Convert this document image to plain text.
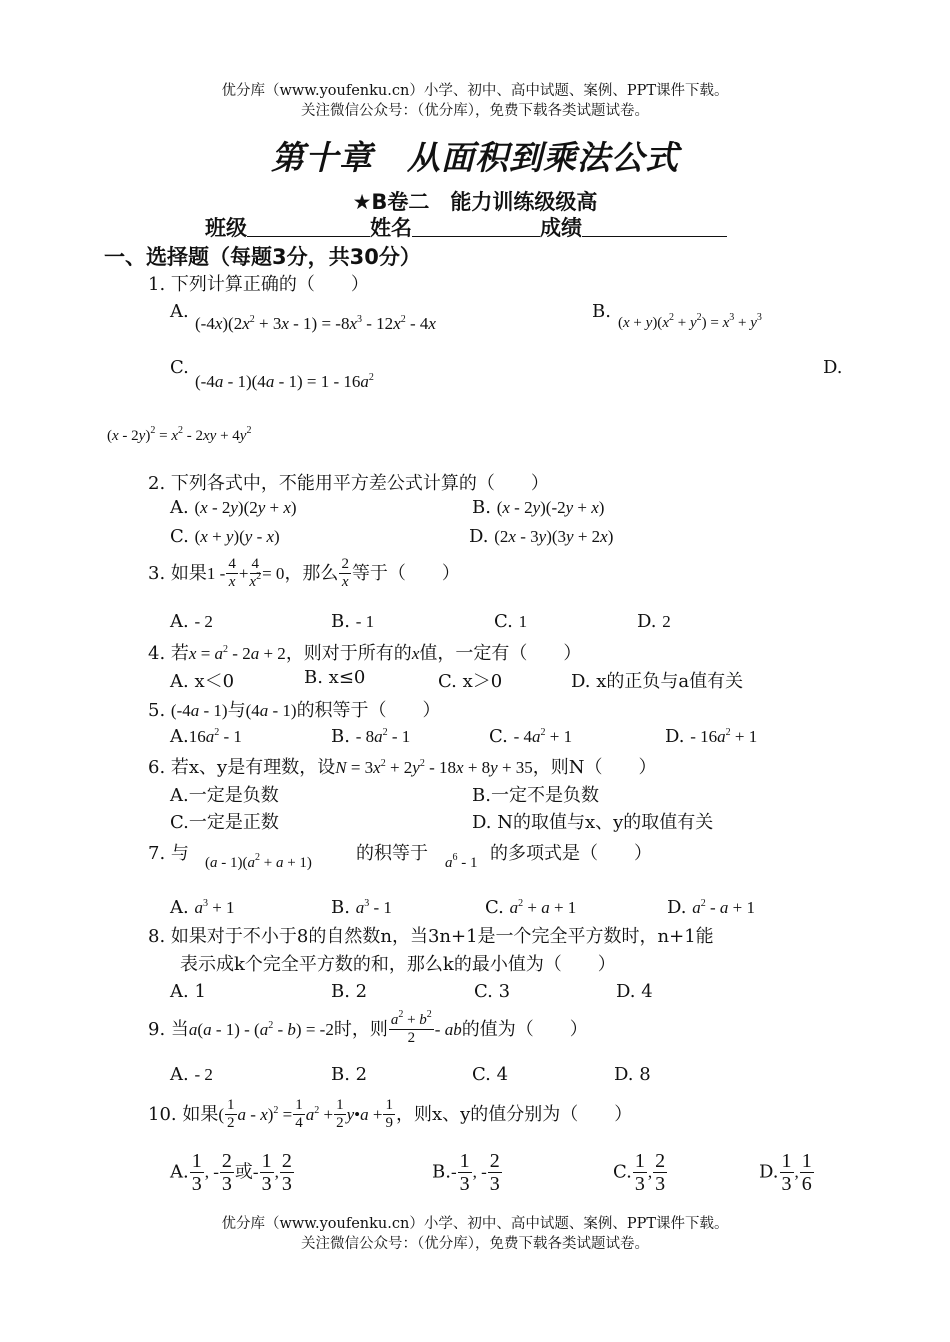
优分库（www.youfenku.cn）小学、初中、高中试题、案例、PPT课件下载。
关注微信公众号：（优分库），免费下载各类试题试卷。
第十章　从面积到乘法公式
★B卷二　能力训练级级高
班级	姓名	成绩
一、选择题（每题3分，共30分）
1. 下列计算正确的（　　）
A.
$(-4x)(2x^2 + 3x - 1) = -8x^3 - 12x^2 - 4x$
B.
$(x + y)(x^2 + y^2) = x^3 + y^3$
C.
$(-4a - 1)(4a - 1) = 1 - 16a^2$	D.
$(x - 2y)^2 = x^2 - 2xy + 4y^2$
2. 下列各式中，不能用平方差公式计算的（　　）
A. (x - 2y)(2y + x)	B. (x - 2y)(-2y + x)
C. (x + y)(y - x)	D. (2x - 3y)(3y + 2x)
3. 如果$1 - \frac{4}{x} + \frac{4}{x^2} = 0$，那么 $\frac{2}{x}$ 等于（　　）
A. - 2	B. - 1	C. 1	D. 2
4. 若$x = a^2 - 2a + 2$，则对于所有的x值，一定有（　　）
A. x＜0	B. x≤0	C. x＞0	D. x的正负与a值有关
5. (-4a - 1)与(4a - 1)的积等于（　　）
$A.16a^2 - 1$	B. - $8a^2 - 1$	C. - $4a^2 + 1$	D. - $16a^2 + 1$
6. 若x、y是有理数，设$N = 3x^2 + 2y^2 - 18x + 8y + 35$，则N（　　）
A.一定是负数	B.一定不是负数
C.一定是正数	D. N的取值与x、y的取值有关
7. 与 $(a - 1)(a^2 + a + 1)$ 的积等于 $a^6 - 1$ 的多项式是（　　）
A. $a^3 + 1$	B. $a^3 - 1$	C. $a^2 + a + 1$	D. $a^2 - a + 1$
8. 如果对于不小于8的自然数n，当3n+1是一个完全平方数时，n+1能
表示成k个完全平方数的和，那么k的最小值为（　　）
A. 1	B. 2	C. 3	D. 4
9. 当$a(a - 1) - (a^2 - b) = -2$时，则 $\frac{a^2 + b^2}{2}$ - ab的值为（　　）
A. - 2	B. 2	C. 4	D. 8
10. 如果( $\frac{1}{2}$ $a - x)^2 = \frac{1}{4} a^2 + \frac{1}{2}$ y•a + $\frac{1}{9}$ ，则x、y的值分别为（　　）
A. $\frac{1}{3}$ , - $\frac{2}{3}$ 或- $\frac{1}{3}$ , $\frac{2}{3}$	$B.- \frac{1}{3}$ , - $\frac{2}{3}$	C. $\frac{1}{3}$ , $\frac{2}{3}$	D. $\frac{1}{3}$ , $\frac{1}{6}$
优分库（www.youfenku.cn）小学、初中、高中试题、案例、PPT课件下载。
关注微信公众号：（优分库），免费下载各类试题试卷。
